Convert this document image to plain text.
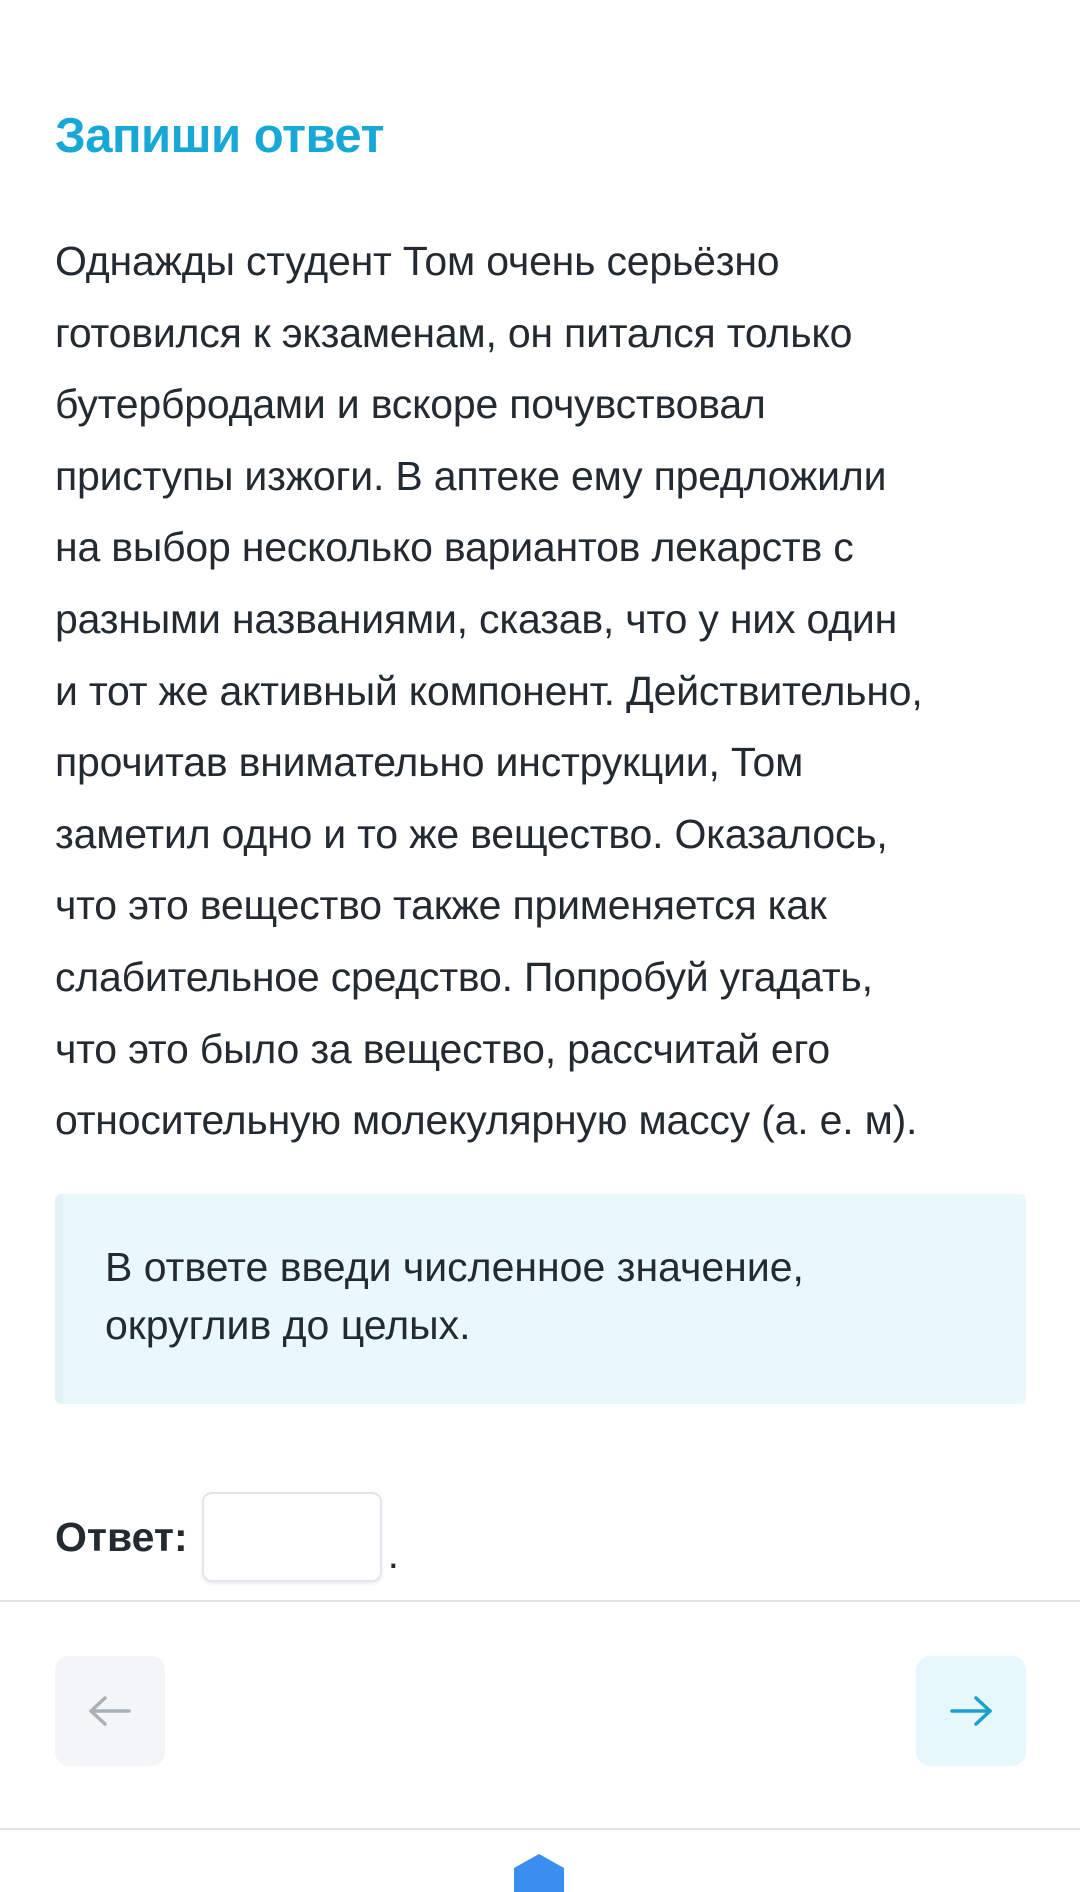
Запиши ответ

Однажды студент Том очень серьёзно
готовился к экзаменам, он питался только
бутербродами и вскоре почувствовал
приступы изжоги. В аптеке ему предложили
на выбор несколько вариантов лекарств с
разными названиями, сказав, что у них один
и тот же активный компонент. Действительно,
прочитав внимательно инструкции, Том
заметил одно и то же вещество. Оказалось,
что это вещество также применяется как
слабительное средство. Попробуй угадать,
что это было за вещество, рассчитай его
относительную молекулярную массу (а. е. м).

В ответе введи численное значение,
округлив до целых.

Ответ:	.
